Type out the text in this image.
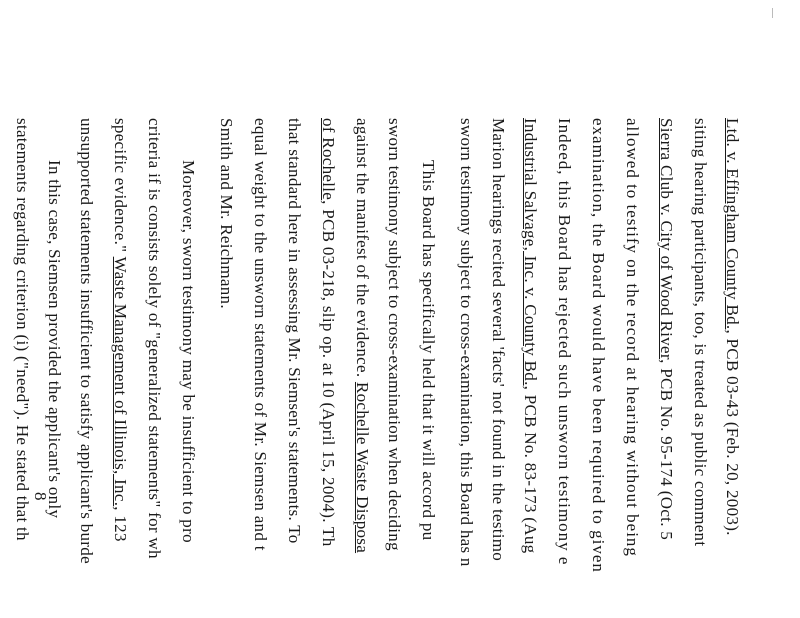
Ltd. v. Effingham County Bd., PCB 03-43 (Feb. 20, 2003).
siting hearing participants, too, is treated as public comment
Sierra Club v. City of Wood River, PCB No. 95-174 (Oct. 5
allowed to testify on the record at hearing without being
examination, the Board would have been required to given
Indeed, this Board has rejected such unsworn testimony e
Industrial Salvage, Inc. v. County Bd., PCB No. 83-173 (Aug
Marion hearings recited several 'facts' not found in the testimo
sworn testimony subject to cross-examination, this Board has n
This Board has specifically held that it will accord pu
sworn testimony subject to cross-examination when deciding
against the manifest of the evidence. Rochelle Waste Disposa
of Rochelle, PCB 03-218, slip op. at 10 (April 15, 2004). Th
that standard here in assessing Mr. Siemsen's statements. To
equal weight to the unsworn statements of Mr. Siemsen and t
Smith and Mr. Reichmann.
Moreover, sworn testimony may be insufficient to pro
criteria if is consists solely of "generalized statements" for wh
specific evidence." Waste Management of Illinois, Inc., 123
unsupported statements insufficient to satisfy applicant's burde
8
In this case, Siemsen provided the applicant's only
statements regarding criterion (i) ("need"). He stated that th
